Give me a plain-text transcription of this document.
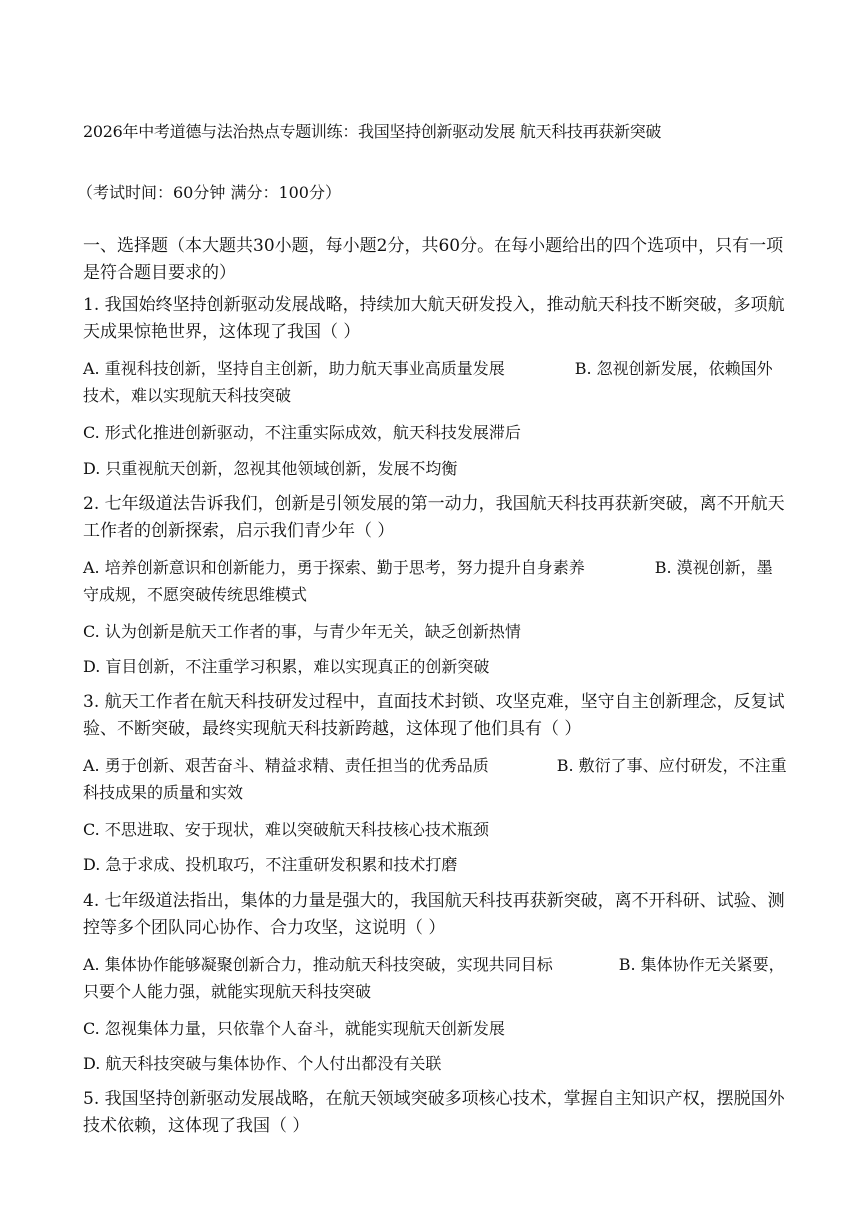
2026年中考道德与法治热点专题训练：我国坚持创新驱动发展 航天科技再获新突破
（考试时间：60分钟 满分：100分）
一、选择题（本大题共30小题，每小题2分，共60分。在每小题给出的四个选项中，只有一项是符合题目要求的）
1. 我国始终坚持创新驱动发展战略，持续加大航天研发投入，推动航天科技不断突破，多项航天成果惊艳世界，这体现了我国（ ）
A. 重视科技创新，坚持自主创新，助力航天事业高质量发展	B. 忽视创新发展，依赖国外技术，难以实现航天科技突破
C. 形式化推进创新驱动，不注重实际成效，航天科技发展滞后
D. 只重视航天创新，忽视其他领域创新，发展不均衡
2. 七年级道法告诉我们，创新是引领发展的第一动力，我国航天科技再获新突破，离不开航天工作者的创新探索，启示我们青少年（ ）
A. 培养创新意识和创新能力，勇于探索、勤于思考，努力提升自身素养	B. 漠视创新，墨守成规，不愿突破传统思维模式
C. 认为创新是航天工作者的事，与青少年无关，缺乏创新热情
D. 盲目创新，不注重学习积累，难以实现真正的创新突破
3. 航天工作者在航天科技研发过程中，直面技术封锁、攻坚克难，坚守自主创新理念，反复试验、不断突破，最终实现航天科技新跨越，这体现了他们具有（ ）
A. 勇于创新、艰苦奋斗、精益求精、责任担当的优秀品质	B. 敷衍了事、应付研发，不注重科技成果的质量和实效
C. 不思进取、安于现状，难以突破航天科技核心技术瓶颈
D. 急于求成、投机取巧，不注重研发积累和技术打磨
4. 七年级道法指出，集体的力量是强大的，我国航天科技再获新突破，离不开科研、试验、测控等多个团队同心协作、合力攻坚，这说明（ ）
A. 集体协作能够凝聚创新合力，推动航天科技突破，实现共同目标	B. 集体协作无关紧要，只要个人能力强，就能实现航天科技突破
C. 忽视集体力量，只依靠个人奋斗，就能实现航天创新发展
D. 航天科技突破与集体协作、个人付出都没有关联
5. 我国坚持创新驱动发展战略，在航天领域突破多项核心技术，掌握自主知识产权，摆脱国外技术依赖，这体现了我国（ ）
